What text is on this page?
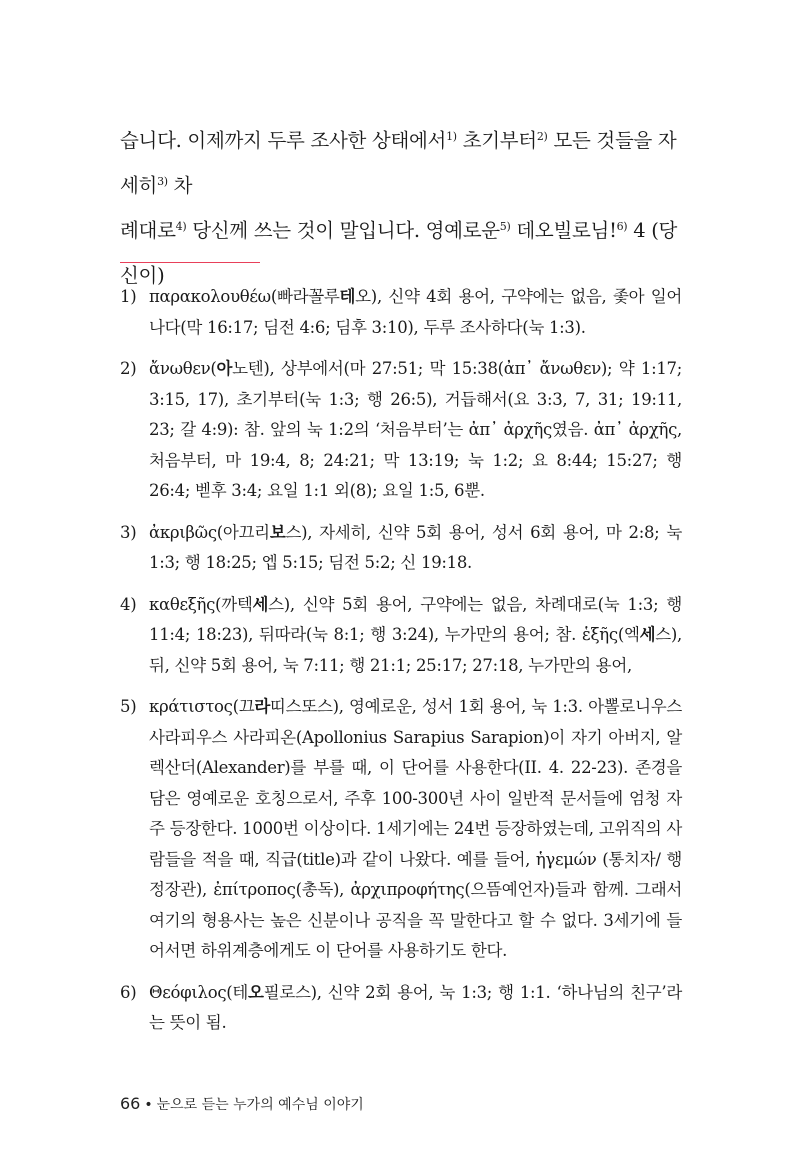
습니다. 이제까지 두루 조사한 상태에서$^{1)}$ 초기부터$^{2)}$ 모든 것들을 자세히$^{3)}$ 차

례대로$^{4)}$ 당신께 쓰는 것이 말입니다. 영예로운$^{5)}$ 데오빌로님!$^{6)}$ 4 (당신이)

1) παρακολουθέω(빠라꼴루테오), 신약 4회 용어, 구약에는 없음, 좇아 일어나다(막 16:17; 딤전 4:6; 딤후 3:10), 두루 조사하다(눅 1:3).

2) ἄνωθεν(아노텐), 상부에서(마 27:51; 막 15:38(ἀπ᾽ ἄνωθεν); 약 1:17; 3:15, 17), 초기부터(눅 1:3; 행 26:5), 거듭해서(요 3:3, 7, 31; 19:11, 23; 갈 4:9): 참. 앞의 눅 1:2의 ‘처음부터’는 ἀπ᾽ ἀρχῆς였음. ἀπ᾽ ἀρχῆς, 처음부터, 마 19:4, 8; 24:21; 막 13:19; 눅 1:2; 요 8:44; 15:27; 행 26:4; 벧후 3:4; 요일 1:1 외(8); 요일 1:5, 6뿐.

3) ἀκριβῶς(아끄리보스), 자세히, 신약 5회 용어, 성서 6회 용어, 마 2:8; 눅 1:3; 행 18:25; 엡 5:15; 딤전 5:2; 신 19:18.

4) καθεξῆς(까텍세스), 신약 5회 용어, 구약에는 없음, 차례대로(눅 1:3; 행 11:4; 18:23), 뒤따라(눅 8:1; 행 3:24), 누가만의 용어; 참. ἑξῆς(엑세스), 뒤, 신약 5회 용어, 눅 7:11; 행 21:1; 25:17; 27:18, 누가만의 용어,

5) κράτιστος(끄라띠스또스), 영예로운, 성서 1회 용어, 눅 1:3. 아뽈로니우스 사라피우스 사라피온(Apollonius Sarapius Sarapion)이 자기 아버지, 알렉산더(Alexander)를 부를 때, 이 단어를 사용한다(II. 4. 22-23). 존경을 담은 영예로운 호칭으로서, 주후 100-300년 사이 일반적 문서들에 엄청 자주 등장한다. 1000번 이상이다. 1세기에는 24번 등장하였는데, 고위직의 사람들을 적을 때, 직급(title)과 같이 나왔다. 예를 들어, ἡγεμών (통치자/ 행정장관), ἐπίτροπος(총독), ἀρχιπροφήτης(으뜸예언자)들과 함께. 그래서 여기의 형용사는 높은 신분이나 공직을 꼭 말한다고 할 수 없다. 3세기에 들어서면 하위계층에게도 이 단어를 사용하기도 한다.

6) Θεόφιλος(테오필로스), 신약 2회 용어, 눅 1:3; 행 1:1. ‘하나님의 친구’라는 뜻이 됨.

66 • 눈으로 듣는 누가의 예수님 이야기
